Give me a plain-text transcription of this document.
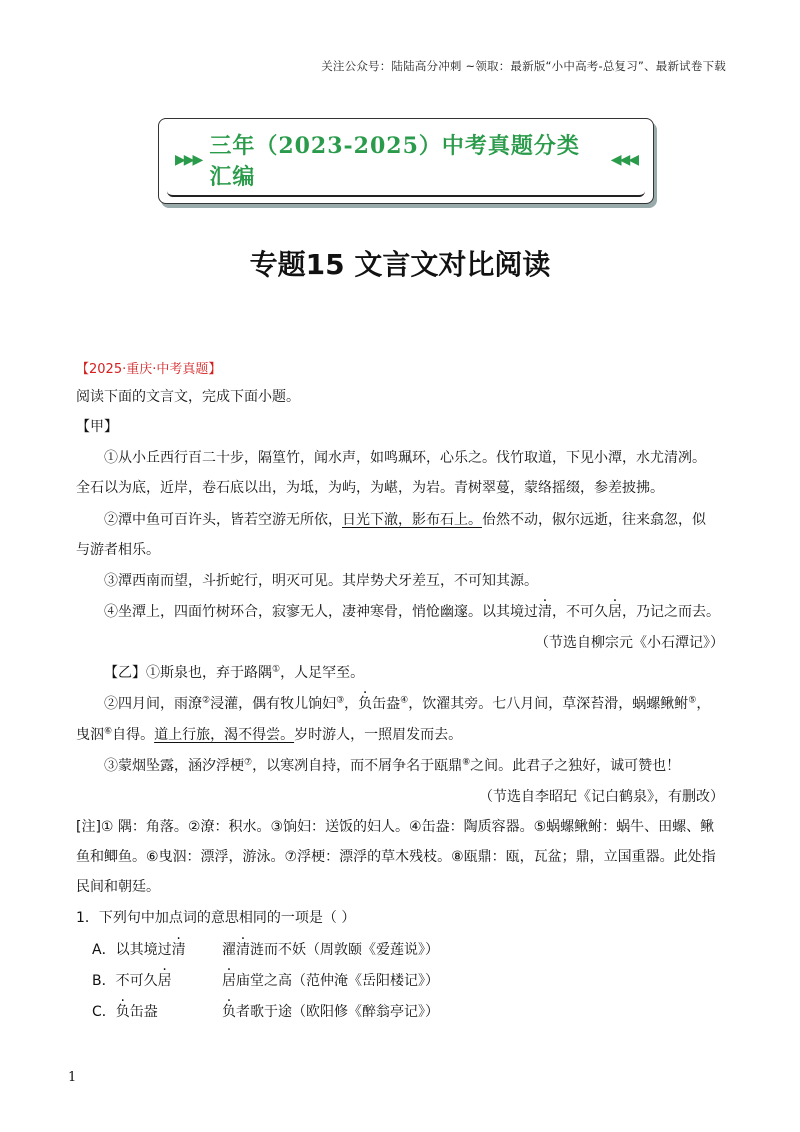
关注公众号：陆陆高分冲刺 ~领取：最新版“小中高考-总复习”、最新试卷下载
▶▶▶
三年（2023-2025）中考真题分类汇编
◀◀◀
专题15 文言文对比阅读
【2025·重庆·中考真题】
阅读下面的文言文，完成下面小题。
【甲】
①从小丘西行百二十步，隔篁竹，闻水声，如鸣珮环，心乐之。伐竹取道，下见小潭，水尤清冽。
全石以为底，近岸，卷石底以出，为坻，为屿，为嵁，为岩。青树翠蔓，蒙络摇缀，参差披拂。
②潭中鱼可百许头，皆若空游无所依，日光下澈，影布石上。佁然不动，俶尔远逝，往来翕忽，似
与游者相乐。
③潭西南而望，斗折蛇行，明灭可见。其岸势犬牙差互，不可知其源。
④坐潭上，四面竹树环合，寂寥无人，凄神寒骨，悄怆幽邃。以其境过清，不可久居，乃记之而去。
（节选自柳宗元《小石潭记》）
【乙】①斯泉也，弃于路隅①，人足罕至。
②四月间，雨潦②浸灌，偶有牧儿饷妇③，负缶盎④，饮濯其旁。七八月间，草深苔滑，蜗螺鳅鲋⑤，
曳泅⑥自得。道上行旅，渴不得尝。岁时游人，一照眉发而去。
③蒙烟坠露，涵汐浮梗⑦，以寒冽自持，而不屑争名于瓯鼎⑧之间。此君子之独好，诚可赞也！
（节选自李昭玘《记白鹤泉》，有删改）
[注]① 隅：角落。②潦：积水。③饷妇：送饭的妇人。④缶盎：陶质容器。⑤蜗螺鳅鲋：蜗牛、田螺、鳅
鱼和鲫鱼。⑥曳泅：漂浮，游泳。⑦浮梗：漂浮的草木残枝。⑧瓯鼎：瓯，瓦盆；鼎，立国重器。此处指
民间和朝廷。
1．下列句中加点词的意思相同的一项是（ ）
A．以其境过清	濯清涟而不妖（周敦颐《爱莲说》）
B．不可久居	居庙堂之高（范仲淹《岳阳楼记》）
C．负缶盎	负者歌于途（欧阳修《醉翁亭记》）
1
